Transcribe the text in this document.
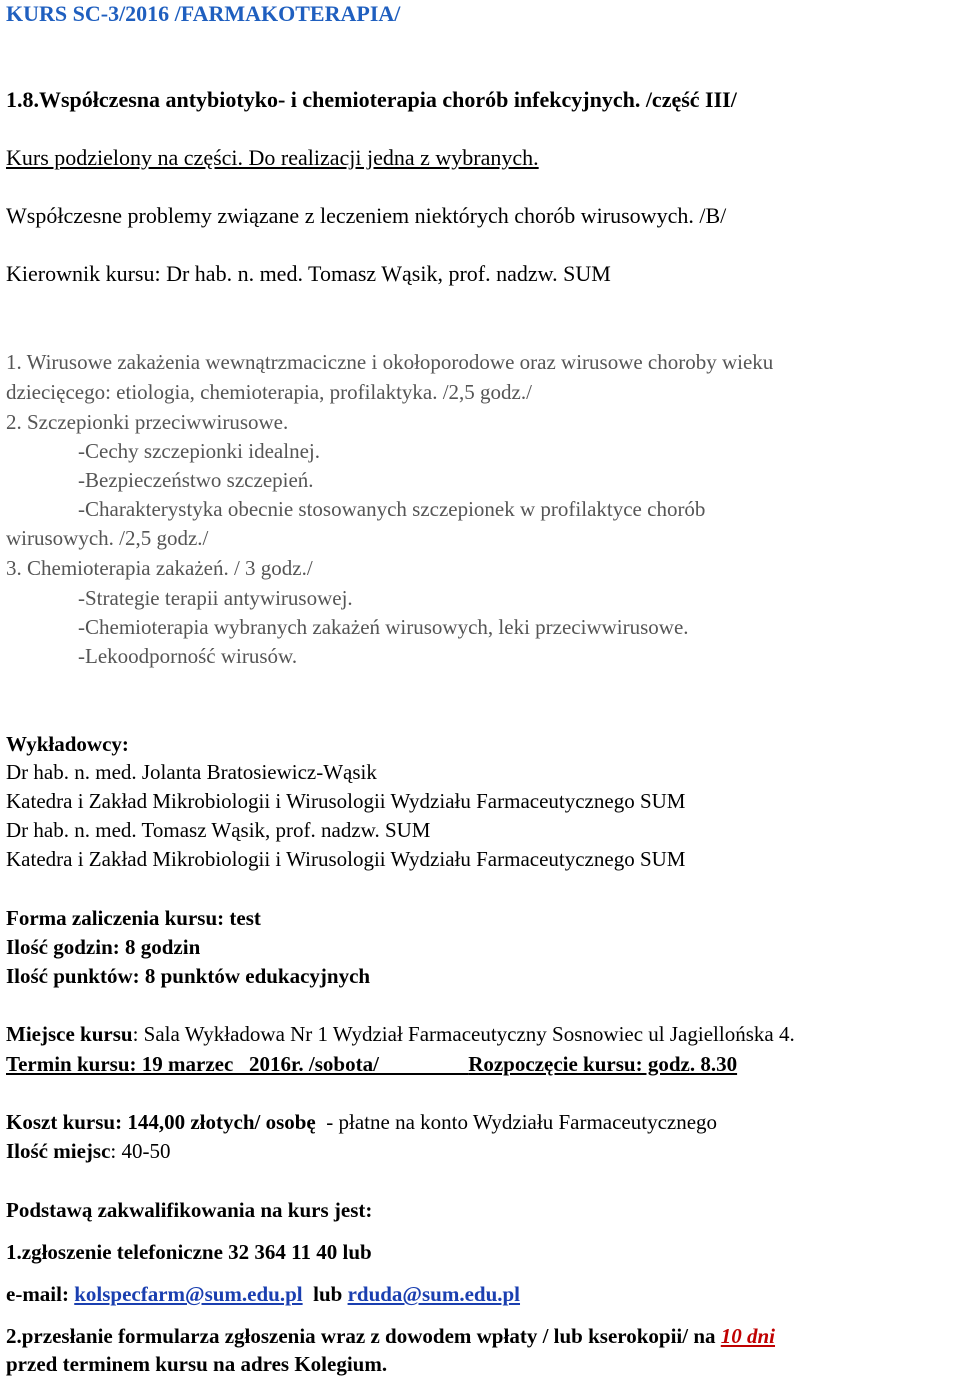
KURS SC-3/2016 /FARMAKOTERAPIA/
1.8.Współczesna antybiotyko- i chemioterapia chorób infekcyjnych. /część III/
Kurs podzielony na części. Do realizacji jedna z wybranych.
Współczesne problemy związane z leczeniem niektórych chorób wirusowych. /B/
Kierownik kursu: Dr hab. n. med. Tomasz Wąsik, prof. nadzw. SUM
1. Wirusowe zakażenia wewnątrzmaciczne i okołoporodowe oraz wirusowe choroby wieku
dziecięcego: etiologia, chemioterapia, profilaktyka. /2,5 godz./
2. Szczepionki przeciwwirusowe.
-Cechy szczepionki idealnej.
-Bezpieczeństwo szczepień.
-Charakterystyka obecnie stosowanych szczepionek w profilaktyce chorób
wirusowych. /2,5 godz./
3. Chemioterapia zakażeń. / 3 godz./
-Strategie terapii antywirusowej.
-Chemioterapia wybranych zakażeń wirusowych, leki przeciwwirusowe.
-Lekoodporność wirusów.
Wykładowcy:
Dr hab. n. med. Jolanta Bratosiewicz-Wąsik
Katedra i Zakład Mikrobiologii i Wirusologii Wydziału Farmaceutycznego SUM
Dr hab. n. med. Tomasz Wąsik, prof. nadzw. SUM
Katedra i Zakład Mikrobiologii i Wirusologii Wydziału Farmaceutycznego SUM
Forma zaliczenia kursu: test
Ilość godzin: 8 godzin
Ilość punktów: 8 punktów edukacyjnych
Miejsce kursu: Sala Wykładowa Nr 1 Wydział Farmaceutyczny Sosnowiec ul Jagiellońska 4.
Termin kursu: 19 marzec   2016r. /sobota/                 Rozpoczęcie kursu: godz. 8.30
Koszt kursu: 144,00 złotych/ osobę  - płatne na konto Wydziału Farmaceutycznego
Ilość miejsc: 40-50
Podstawą zakwalifikowania na kurs jest:
1.zgłoszenie telefoniczne 32 364 11 40 lub
e-mail: kolspecfarm@sum.edu.pl  lub rduda@sum.edu.pl
2.przesłanie formularza zgłoszenia wraz z dowodem wpłaty / lub kserokopii/ na 10 dni
przed terminem kursu na adres Kolegium.
